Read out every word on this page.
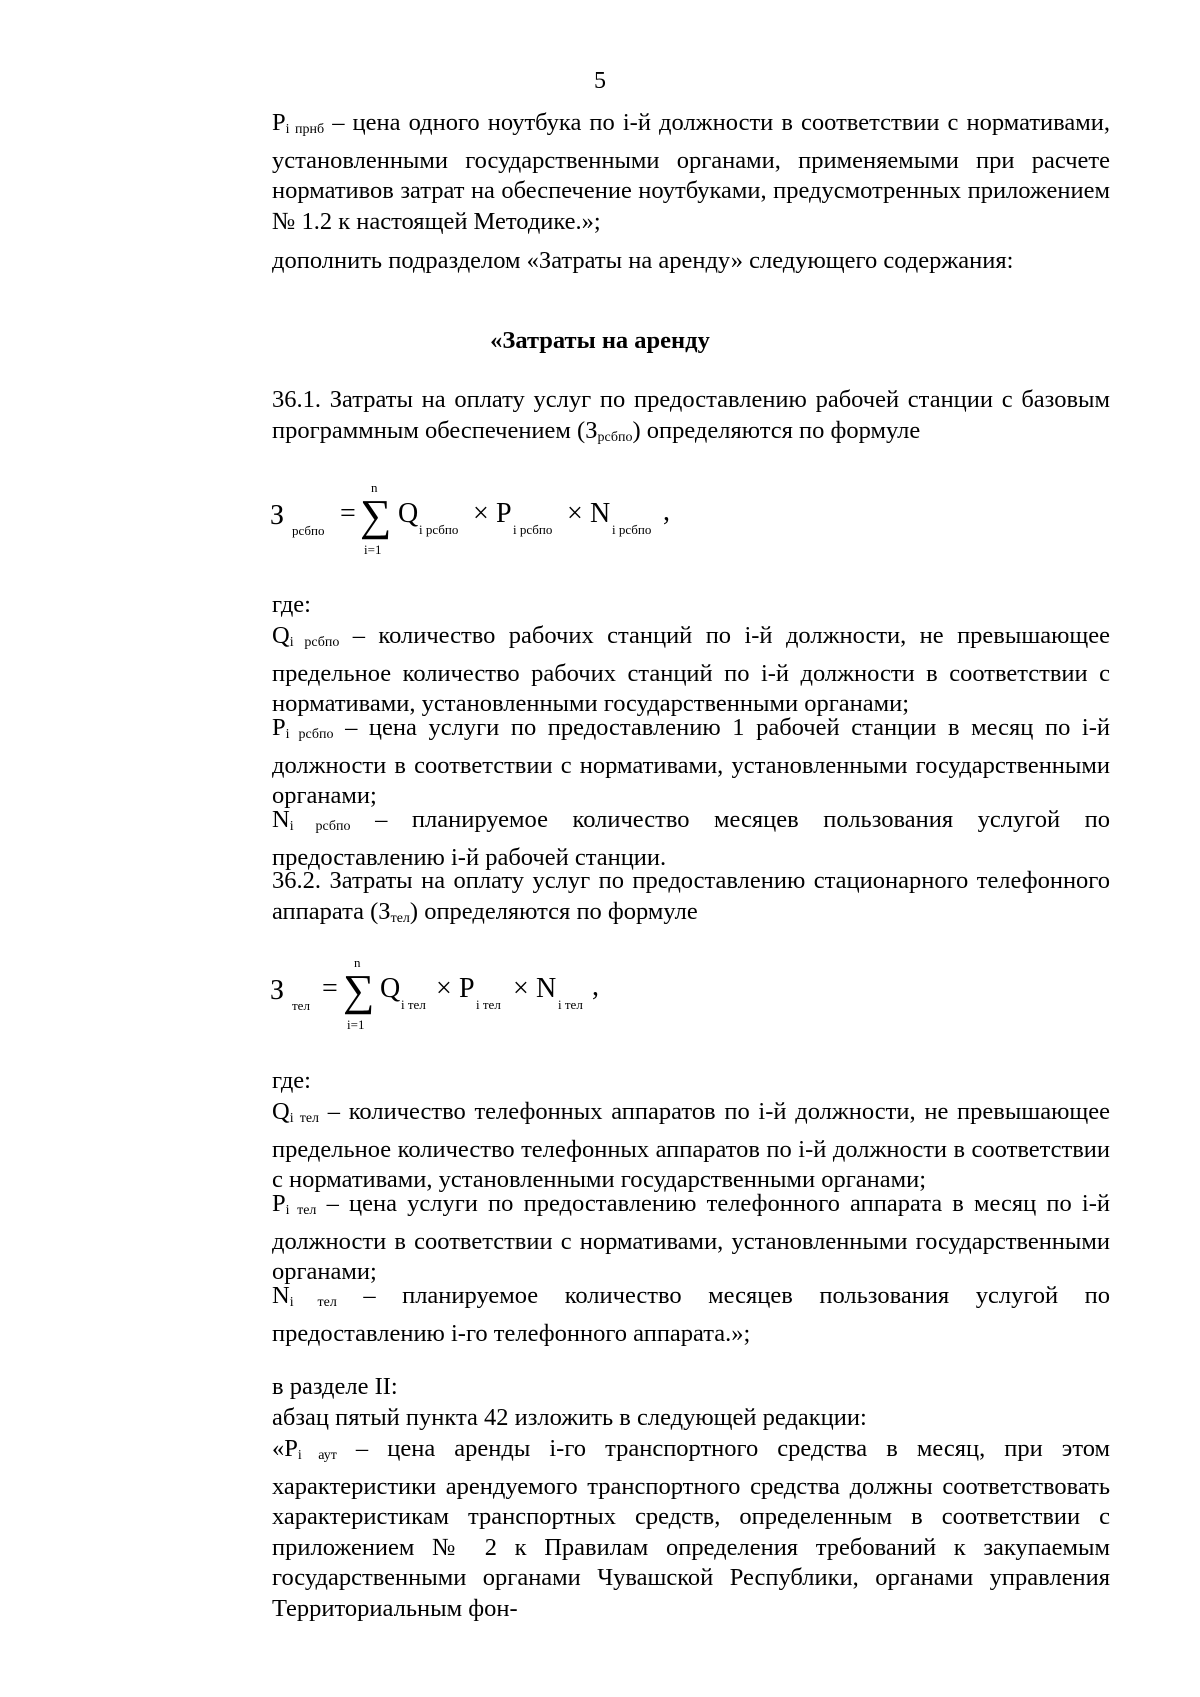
5
$P_{i прнб}$ – цена одного ноутбука по i-й должности в соответствии с нормативами, установленными государственными органами, применяемыми при расчете нормативов затрат на обеспечение ноутбуками, предусмотренных приложением № 1.2 к настоящей Методике.»;
дополнить подразделом «Затраты на аренду» следующего содержания:
«Затраты на аренду
36.1. Затраты на оплату услуг по предоставлению рабочей станции с базовым программным обеспечением $(З_{рсбпо})$ определяются по формуле
З рсбпо
=
n
∑
i=1
Q
i рсбпо
× P
i рсбпо
× N
i рсбпо
,
где:
$Q_{i рсбпо}$ – количество рабочих станций по i-й должности, не превышающее предельное количество рабочих станций по i-й должности в соответствии с нормативами, установленными государственными органами;
$P_{i рсбпо}$ – цена услуги по предоставлению 1 рабочей станции в месяц по i-й должности в соответствии с нормативами, установленными государственными органами;
$N_{i рсбпо}$ – планируемое количество месяцев пользования услугой по предоставлению i-й рабочей станции.
36.2. Затраты на оплату услуг по предоставлению стационарного телефонного аппарата $(З_{тел})$ определяются по формуле
З тел
=
n
∑
i=1
Q
i тел
× P
i тел
× N
i тел
,
где:
$Q_{i тел}$ – количество телефонных аппаратов по i-й должности, не превышающее предельное количество телефонных аппаратов по i-й должности в соответствии с нормативами, установленными государственными органами;
$P_{i тел}$ – цена услуги по предоставлению телефонного аппарата в месяц по i-й должности в соответствии с нормативами, установленными государственными органами;
$N_{i тел}$ – планируемое количество месяцев пользования услугой по предоставлению i-го телефонного аппарата.»;
в разделе II:
абзац пятый пункта 42 изложить в следующей редакции:
«$P_{i аут}$ – цена аренды i-го транспортного средства в месяц, при этом характеристики арендуемого транспортного средства должны соответствовать характеристикам транспортных средств, определенным в соответствии с приложением № 2 к Правилам определения требований к закупаемым государственными органами Чувашской Республики, органами управления Территориальным фон-
